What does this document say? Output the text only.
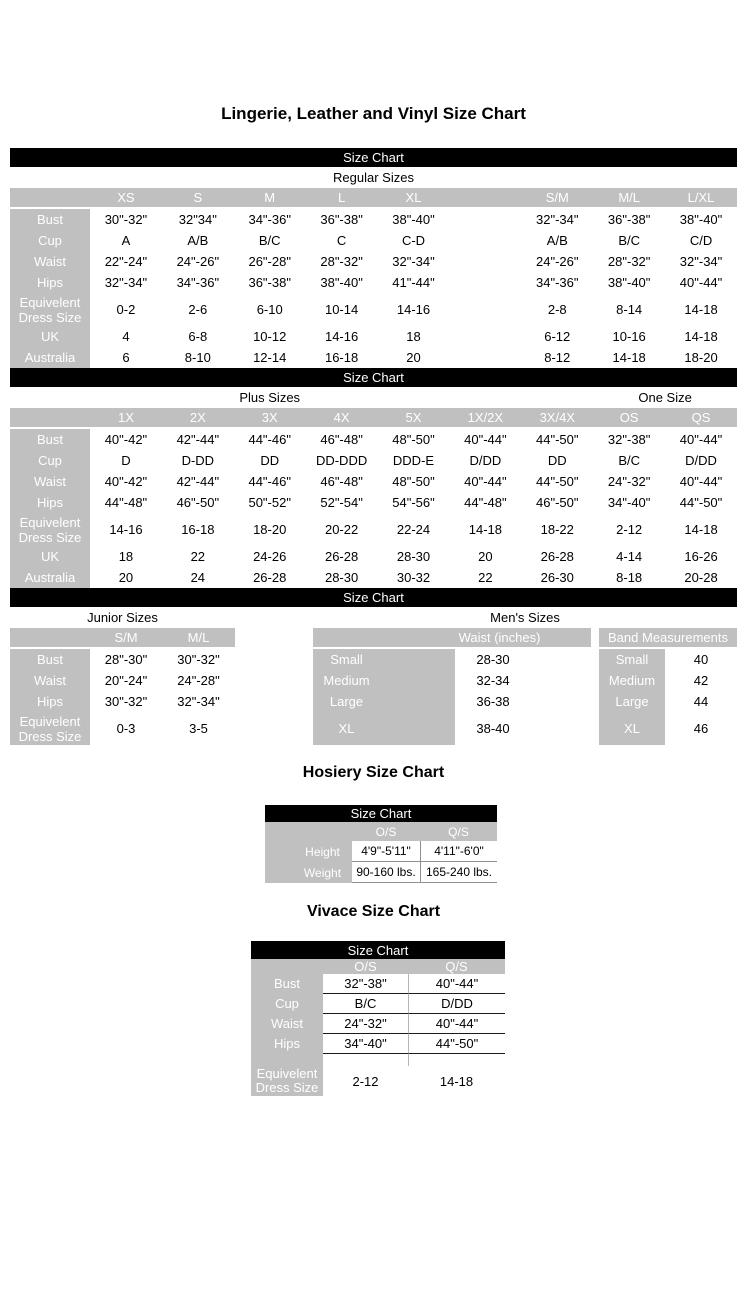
Lingerie, Leather and Vinyl Size Chart
Size Chart
Regular Sizes
XS	S	M	L	XL	S/M	M/L	L/XL
Bust	30"-32"	32"34"	34"-36"	36"-38"	38"-40"	32"-34"	36"-38"	38"-40"
Cup	A	A/B	B/C	C	C-D	A/B	B/C	C/D
Waist	22"-24"	24"-26"	26"-28"	28"-32"	32"-34"	24"-26"	28"-32"	32"-34"
Hips	32"-34"	34"-36"	36"-38"	38"-40"	41"-44"	34"-36"	38"-40"	40"-44"
Equivelent Dress Size	0-2	2-6	6-10	10-14	14-16	2-8	8-14	14-18
UK	4	6-8	10-12	14-16	18	6-12	10-16	14-18
Australia	6	8-10	12-14	16-18	20	8-12	14-18	18-20
Size Chart
Plus Sizes	One Size
1X	2X	3X	4X	5X	1X/2X	3X/4X	OS	QS
Bust	40"-42"	42"-44"	44"-46"	46"-48"	48"-50"	40"-44"	44"-50"	32"-38"	40"-44"
Cup	D	D-DD	DD	DD-DDD	DDD-E	D/DD	DD	B/C	D/DD
Waist	40"-42"	42"-44"	44"-46"	46"-48"	48"-50"	40"-44"	44"-50"	24"-32"	40"-44"
Hips	44"-48"	46"-50"	50"-52"	52"-54"	54"-56"	44"-48"	46"-50"	34"-40"	44"-50"
Equivelent Dress Size	14-16	16-18	18-20	20-22	22-24	14-18	18-22	2-12	14-18
UK	18	22	24-26	26-28	28-30	20	26-28	4-14	16-26
Australia	20	24	26-28	28-30	30-32	22	26-30	8-18	20-28
Size Chart
Junior Sizes	Men's Sizes
S/M	M/L
Bust	28"-30"	30"-32"
Waist	20"-24"	24"-28"
Hips	30"-32"	32"-34"
Equivelent Dress Size	0-3	3-5
Waist (inches)	Band Measurements
Small	28-30	Small	40
Medium	32-34	Medium	42
Large	36-38	Large	44
XL	38-40	XL	46
Hosiery Size Chart
Size Chart
O/S	Q/S
Height	4'9"-5'11"	4'11"-6'0"
Weight	90-160 lbs. 165-240 lbs.
Vivace Size Chart
Size Chart
O/S	Q/S
Bust	32"-38"	40"-44"
Cup	B/C	D/DD
Waist	24"-32"	40"-44"
Hips	34"-40"	44"-50"
Equivelent Dress Size	2-12	14-18
